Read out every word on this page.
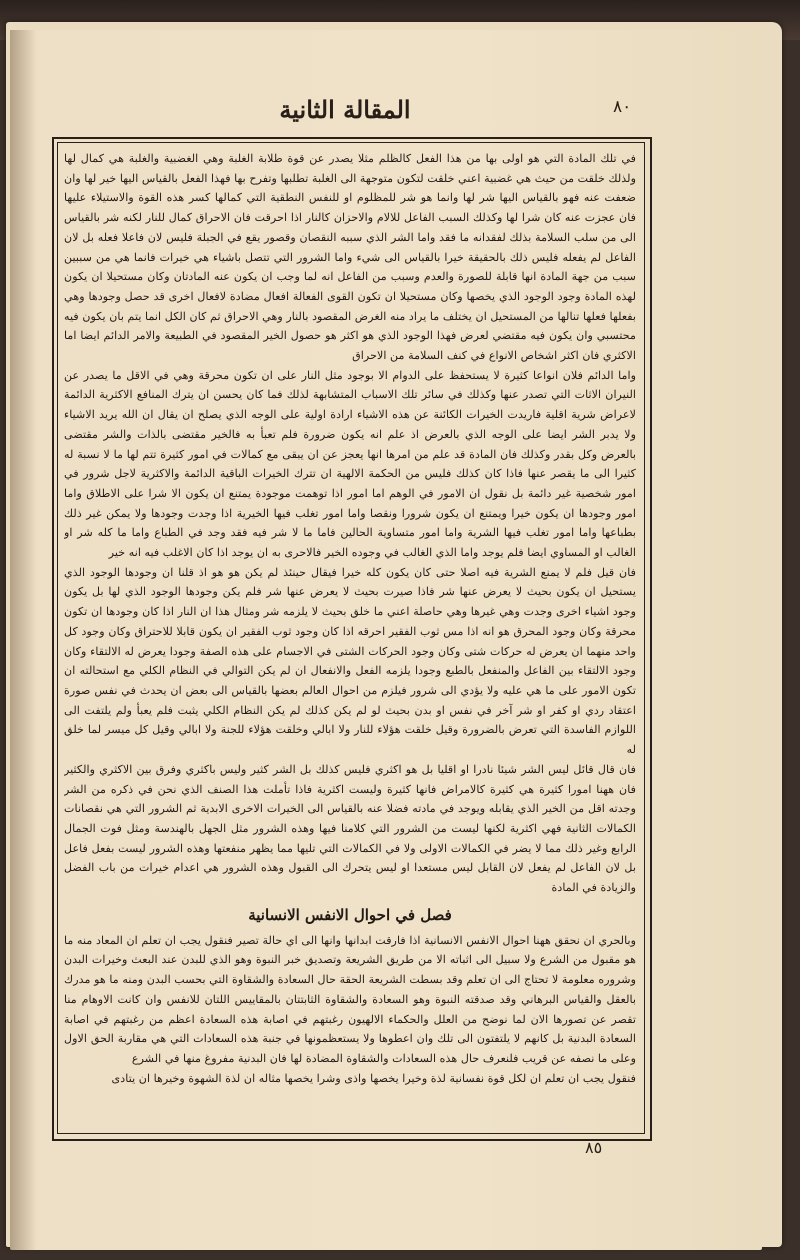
المقالة الثانية	٨٠

في تلك المادة التي هو اولى بها من هذا الفعل كالظلم مثلا يصدر عن قوة طلابة الغلبة وهي الغضبية والغلبة هي كمال لها ولذلك خلقت من حيث هي غضبية اعني خلقت لتكون متوجهة الى الغلبة تطلبها وتفرح بها فهذا الفعل بالقياس اليها خير لها وان ضعفت عنه فهو بالقياس اليها شر لها وانما هو شر للمظلوم او للنفس النطقية التي كمالها كسر هذه القوة والاستيلاء عليها فان عجزت عنه كان شرا لها وكذلك السبب الفاعل للالام والاحزان كالنار اذا احرقت فان الاحراق كمال للنار لكنه شر بالقياس الى من سلب السلامة بذلك لفقدانه ما فقد واما الشر الذي سببه النقصان وقصور يقع في الجبلة فليس لان فاعلا فعله بل لان الفاعل لم يفعله فليس ذلك بالحقيقة خيرا بالقياس الى شيء واما الشرور التي تتصل باشياء هي خيرات فانما هي من سببين سبب من جهة المادة انها قابلة للصورة والعدم وسبب من الفاعل انه لما وجب ان يكون عنه المادتان وكان مستحيلا ان يكون لهذه المادة وجود الوجود الذي يخصها وكان مستحيلا ان تكون القوى الفعالة افعال مضادة لافعال اخرى قد حصل وجودها وهي بفعلها فعلها تنالها من المستحيل ان يختلف ما يراد منه الغرض المقصود بالنار وهي الاحراق ثم كان الكل انما يتم بان يكون فيه محتسبي وان يكون فيه مقتضي لعرض فهذا الوجود الذي هو اكثر هو حصول الخير المقصود في الطبيعة والامر الدائم ايضا اما الاكثري فان اكثر اشخاص الانواع في كنف السلامة من الاحراق

واما الدائم فلان انواعا كثيرة لا يستحفظ على الدوام الا بوجود مثل النار على ان تكون محرقة وهي في الاقل ما يصدر عن النيران الاثات التي تصدر عنها وكذلك في سائر تلك الاسباب المتشابهة لذلك فما كان يحسن ان يترك المنافع الاكثرية الدائمة لاعراض شرية اقلية فاريدت الخيرات الكائنة عن هذه الاشياء ارادة اولية على الوجه الذي يصلح ان يقال ان الله يريد الاشياء ولا يدبر الشر ايضا على الوجه الذي بالعرض اذ علم انه يكون ضرورة فلم تعبأ به فالخير مقتضى بالذات والشر مقتضى بالعرض وكل بقدر وكذلك فان المادة قد علم من امرها انها يعجز عن ان يبقى مع كمالات في امور كثيرة تتم لها ما لا نسبة له كثيرا الى ما يقصر عنها فاذا كان كذلك فليس من الحكمة الالهية ان تترك الخيرات الباقية الدائمة والاكثرية لاجل شرور في امور شخصية غير دائمة بل نقول ان الامور في الوهم اما امور اذا توهمت موجودة يمتنع ان يكون الا شرا على الاطلاق واما امور وجودها ان يكون خيرا ويمتنع ان يكون شرورا ونقصا واما امور تغلب فيها الخيرية اذا وجدت وجودها ولا يمكن غير ذلك بطباعها واما امور تغلب فيها الشرية واما امور متساوية الحالين فاما ما لا شر فيه فقد وجد في الطباع واما ما كله شر او الغالب او المساوي ايضا فلم يوجد واما الذي الغالب في وجوده الخير فالاحرى به ان يوجد اذا كان الاغلب فيه انه خير

فان قيل فلم لا يمنع الشرية فيه اصلا حتى كان يكون كله خيرا فيقال حينئذ لم يكن هو هو اذ قلنا ان وجودها الوجود الذي يستحيل ان يكون بحيث لا يعرض عنها شر فاذا صيرت بحيث لا يعرض عنها شر فلم يكن وجودها الوجود الذي لها بل يكون وجود اشياء اخرى وجدت وهي غيرها وهي حاصلة اعني ما خلق بحيث لا يلزمه شر ومثال هذا ان النار اذا كان وجودها ان تكون محرقة وكان وجود المحرق هو انه اذا مس ثوب الفقير احرقه اذا كان وجود ثوب الفقير ان يكون قابلا للاحتراق وكان وجود كل واحد منهما ان يعرض له حركات شتى وكان وجود الحركات الشتى في الاجسام على هذه الصفة وجودا يعرض له الالتقاء وكان وجود الالتقاء بين الفاعل والمنفعل بالطبع وجودا يلزمه الفعل والانفعال ان لم يكن التوالي في النظام الكلي مع استحالته ان تكون الامور على ما هي عليه ولا يؤدي الى شرور فيلزم من احوال العالم بعضها بالقياس الى بعض ان يحدث في نفس صورة اعتقاد ردي او كفر او شر آخر في نفس او بدن بحيث لو لم يكن كذلك لم يكن النظام الكلي يثبت فلم يعبأ ولم يلتفت الى اللوازم الفاسدة التي تعرض بالضرورة وقيل خلقت هؤلاء للنار ولا ابالي وخلقت هؤلاء للجنة ولا ابالي وقيل كل ميسر لما خلق له

فان قال قائل ليس الشر شيئا نادرا او اقليا بل هو اكثري فليس كذلك بل الشر كثير وليس باكثري وفرق بين الاكثري والكثير فان ههنا امورا كثيرة هي كثيرة كالامراض فانها كثيرة وليست اكثرية فاذا تأملت هذا الصنف الذي نحن في ذكره من الشر وجدته اقل من الخير الذي يقابله ويوجد في مادته فضلا عنه بالقياس الى الخيرات الاخرى الابدية ثم الشرور التي هي نقصانات الكمالات الثانية فهي اكثرية لكنها ليست من الشرور التي كلامنا فيها وهذه الشرور مثل الجهل بالهندسة ومثل فوت الجمال الرابع وغير ذلك مما لا يضر في الكمالات الاولى ولا في الكمالات التي تليها مما يظهر منفعتها وهذه الشرور ليست بفعل فاعل بل لان الفاعل لم يفعل لان القابل ليس مستعدا او ليس يتحرك الى القبول وهذه الشرور هي اعدام خيرات من باب الفضل والزيادة في المادة

فصل في احوال الانفس الانسانية

وبالحري ان نحقق ههنا احوال الانفس الانسانية اذا فارقت ابدانها وانها الى اي حالة تصير فنقول يجب ان تعلم ان المعاد منه ما هو مقبول من الشرع ولا سبيل الى اثباته الا من طريق الشريعة وتصديق خبر النبوة وهو الذي للبدن عند البعث وخيرات البدن وشروره معلومة لا تحتاج الى ان تعلم وقد بسطت الشريعة الحقة حال السعادة والشقاوة التي بحسب البدن ومنه ما هو مدرك بالعقل والقياس البرهاني وقد صدقته النبوة وهو السعادة والشقاوة الثابتتان بالمقاييس اللتان للانفس وان كانت الاوهام منا تقصر عن تصورها الان لما نوضح من العلل والحكماء الالهيون رغبتهم في اصابة هذه السعادة اعظم من رغبتهم في اصابة السعادة البدنية بل كانهم لا يلتفتون الى تلك وان اعطوها ولا يستعظمونها في جنبة هذه السعادات التي هي مقاربة الحق الاول وعلى ما نصفه عن قريب فلنعرف حال هذه السعادات والشقاوة المضادة لها فان البدنية مفروغ منها في الشرع

فنقول يجب ان تعلم ان لكل قوة نفسانية لذة وخيرا يخصها واذى وشرا يخصها مثاله ان لذة الشهوة وخيرها ان يتادى

٨٥
